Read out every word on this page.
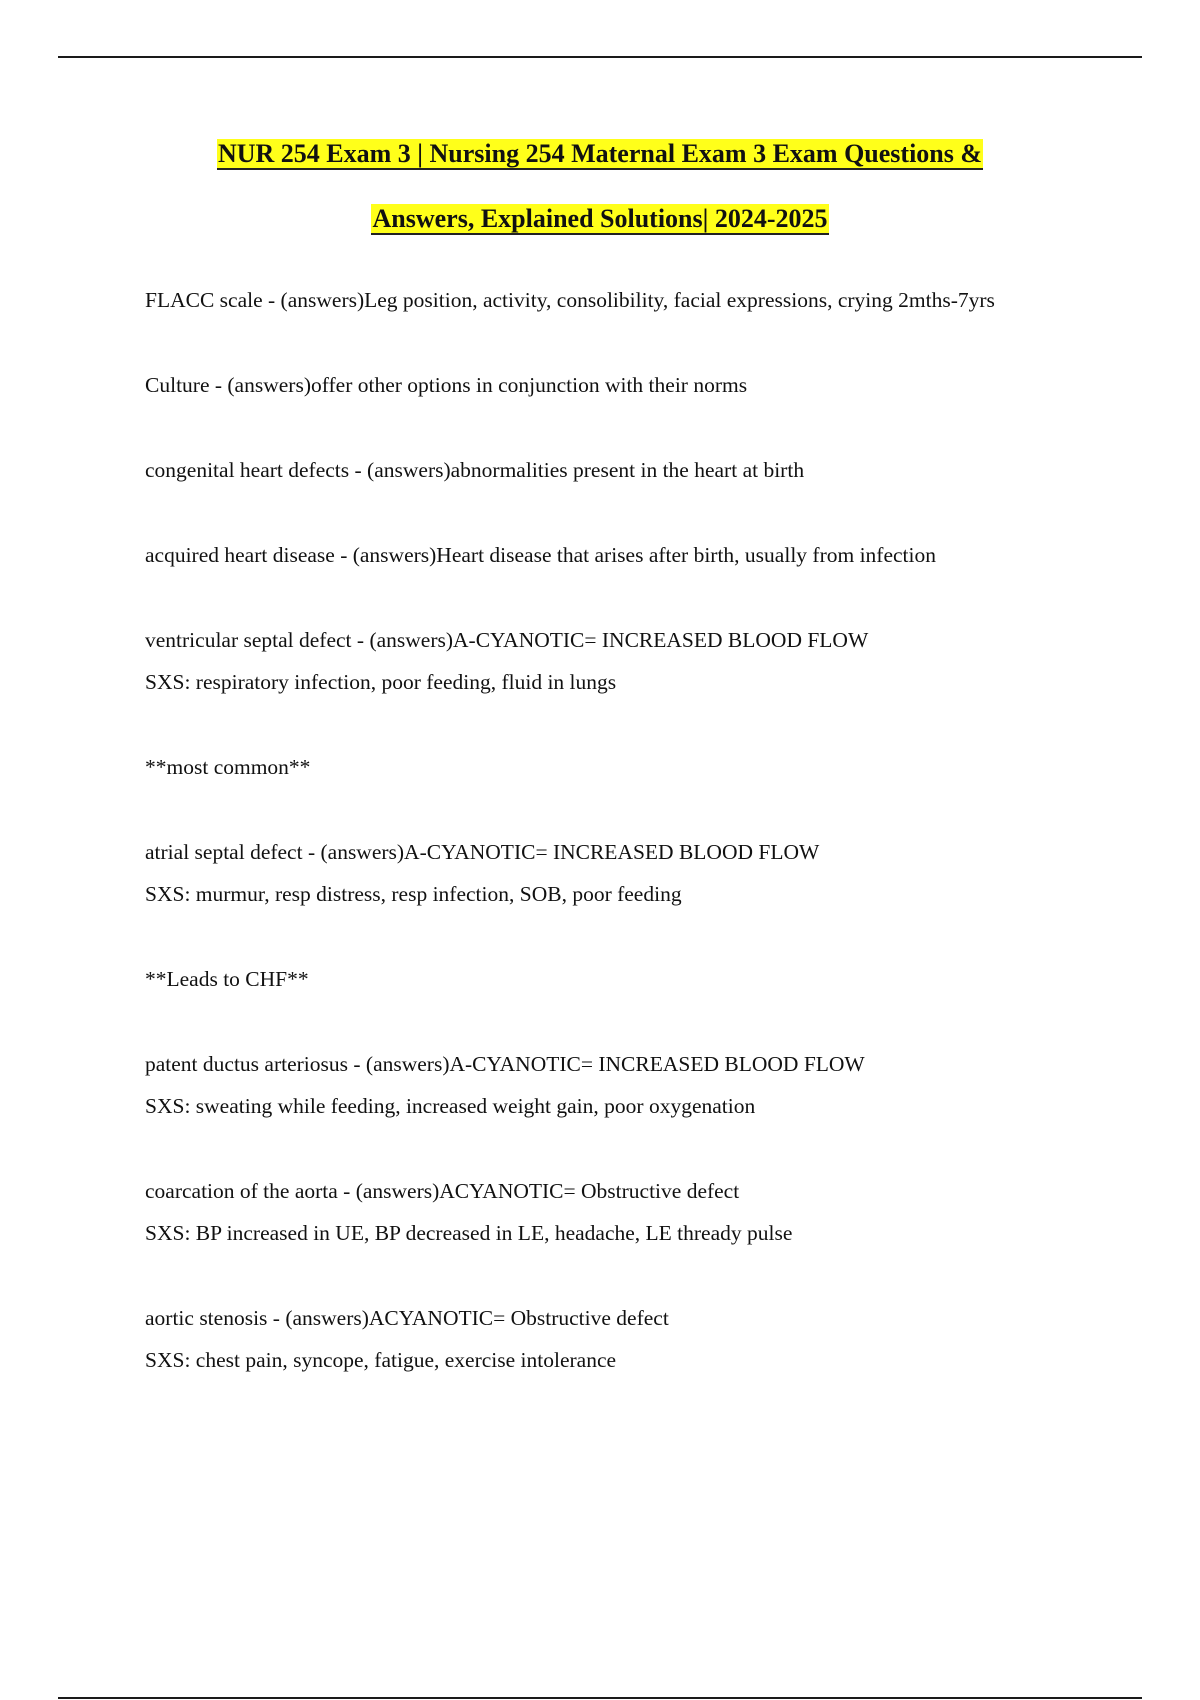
NUR 254 Exam 3 | Nursing 254 Maternal Exam 3 Exam Questions &
Answers, Explained Solutions| 2024-2025

FLACC scale - (answers)Leg position, activity, consolibility, facial expressions, crying 2mths-7yrs

Culture - (answers)offer other options in conjunction with their norms

congenital heart defects - (answers)abnormalities present in the heart at birth

acquired heart disease - (answers)Heart disease that arises after birth, usually from infection

ventricular septal defect - (answers)A-CYANOTIC= INCREASED BLOOD FLOW

SXS: respiratory infection, poor feeding, fluid in lungs

**most common**

atrial septal defect - (answers)A-CYANOTIC= INCREASED BLOOD FLOW

SXS: murmur, resp distress, resp infection, SOB, poor feeding

**Leads to CHF**

patent ductus arteriosus - (answers)A-CYANOTIC= INCREASED BLOOD FLOW

SXS: sweating while feeding, increased weight gain, poor oxygenation

coarcation of the aorta - (answers)ACYANOTIC= Obstructive defect

SXS: BP increased in UE, BP decreased in LE, headache, LE thready pulse

aortic stenosis - (answers)ACYANOTIC= Obstructive defect

SXS: chest pain, syncope, fatigue, exercise intolerance
